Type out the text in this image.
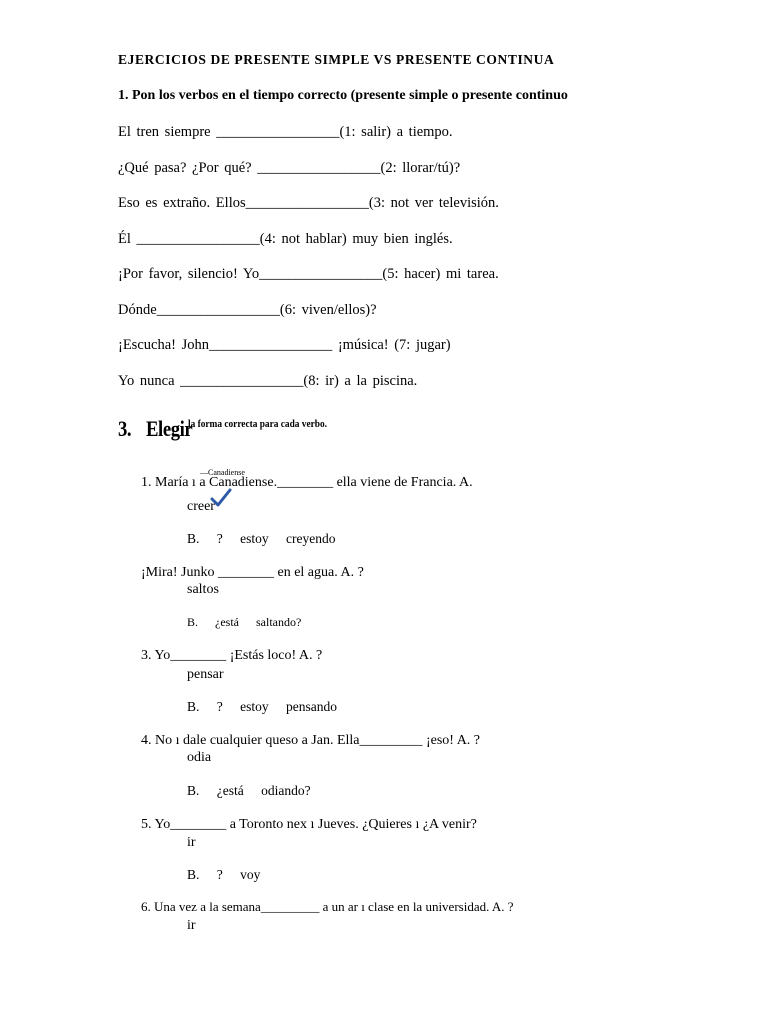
EJERCICIOS DE PRESENTE SIMPLE VS PRESENTE CONTINUA
1. Pon los verbos en el tiempo correcto (presente simple o presente continuo
El tren siempre _________________(1: salir) a tiempo.
¿Qué pasa? ¿Por qué? _________________(2: llorar/tú)?
Eso es extraño. Ellos_________________(3: not ver televisión.
Él _________________(4: not hablar) muy bien inglés.
¡Por favor, silencio! Yo_________________(5: hacer) mi tarea.
Dónde_________________(6: viven/ellos)?
¡Escucha! John_________________ ¡música! (7: jugar)
Yo nunca _________________(8: ir) a la piscina.
3. Elegir
la forma correcta para cada verbo.
1. María ı a Canadiense.________ ella viene de Francia. A.
—Canadiense
creer
B. ? estoy creyendo
¡Mira! Junko ________ en el agua. A. ?
saltos
B. ¿está saltando?
3. Yo________ ¡Estás loco! A. ?
pensar
B. ? estoy pensando
4. No ı dale cualquier queso a Jan. Ella_________ ¡eso! A. ?
odia
B. ¿está odiando?
5. Yo________ a Toronto nex ı Jueves. ¿Quieres ı ¿A venir?
ir
B. ? voy
6. Una vez a la semana_________ a un ar ı clase en la universidad. A. ?
ir
